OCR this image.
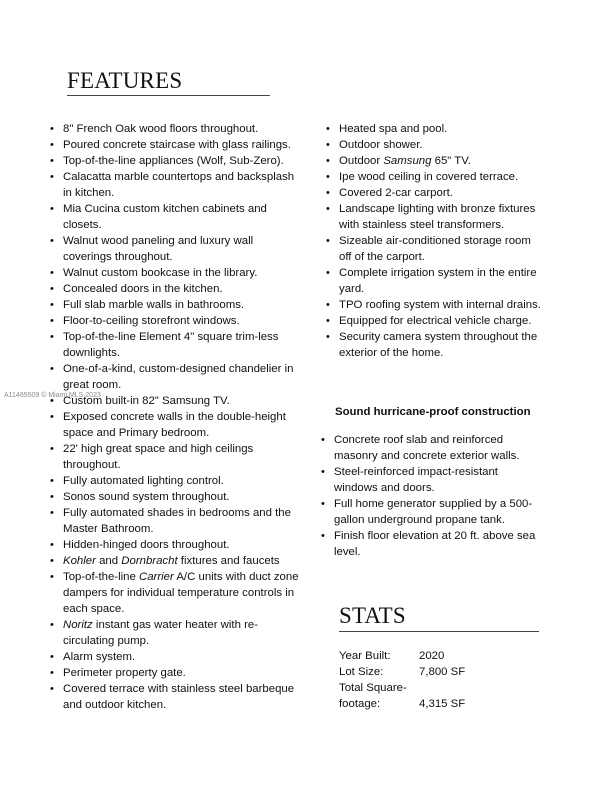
FEATURES
• 8" French Oak wood floors throughout.
• Poured concrete staircase with glass railings.
• Top-of-the-line appliances (Wolf, Sub-Zero).
• Calacatta marble countertops and backsplash in kitchen.
• Mia Cucina custom kitchen cabinets and closets.
• Walnut wood paneling and luxury wall coverings throughout.
• Walnut custom bookcase in the library.
• Concealed doors in the kitchen.
• Full slab marble walls in bathrooms.
• Floor-to-ceiling storefront windows.
• Top-of-the-line Element 4" square trim-less downlights.
• One-of-a-kind, custom-designed chandelier in great room.
• Custom built-in 82" Samsung TV.
• Exposed concrete walls in the double-height space and Primary bedroom.
• 22' high great space and high ceilings throughout.
• Fully automated lighting control.
• Sonos sound system throughout.
• Fully automated shades in bedrooms and the Master Bathroom.
• Hidden-hinged doors throughout.
• Kohler and Dornbracht fixtures and faucets
• Top-of-the-line Carrier A/C units with duct zone dampers for individual temperature controls in each space.
• Noritz instant gas water heater with re-circulating pump.
• Alarm system.
• Perimeter property gate.
• Covered terrace with stainless steel barbeque and outdoor kitchen.
• Heated spa and pool.
• Outdoor shower.
• Outdoor Samsung 65" TV.
• Ipe wood ceiling in covered terrace.
• Covered 2-car carport.
• Landscape lighting with bronze fixtures with stainless steel transformers.
• Sizeable air-conditioned storage room off of the carport.
• Complete irrigation system in the entire yard.
• TPO roofing system with internal drains.
• Equipped for electrical vehicle charge.
• Security camera system throughout the exterior of the home.
Sound hurricane-proof construction
• Concrete roof slab and reinforced masonry and concrete exterior walls.
• Steel-reinforced impact-resistant windows and doors.
• Full home generator supplied by a 500-gallon underground propane tank.
• Finish floor elevation at 20 ft. above sea level.
STATS
Year Built:	2020
Lot Size:	7,800 SF
Total Square-footage:	4,315 SF
A11465509 © Miami MLS 2023
